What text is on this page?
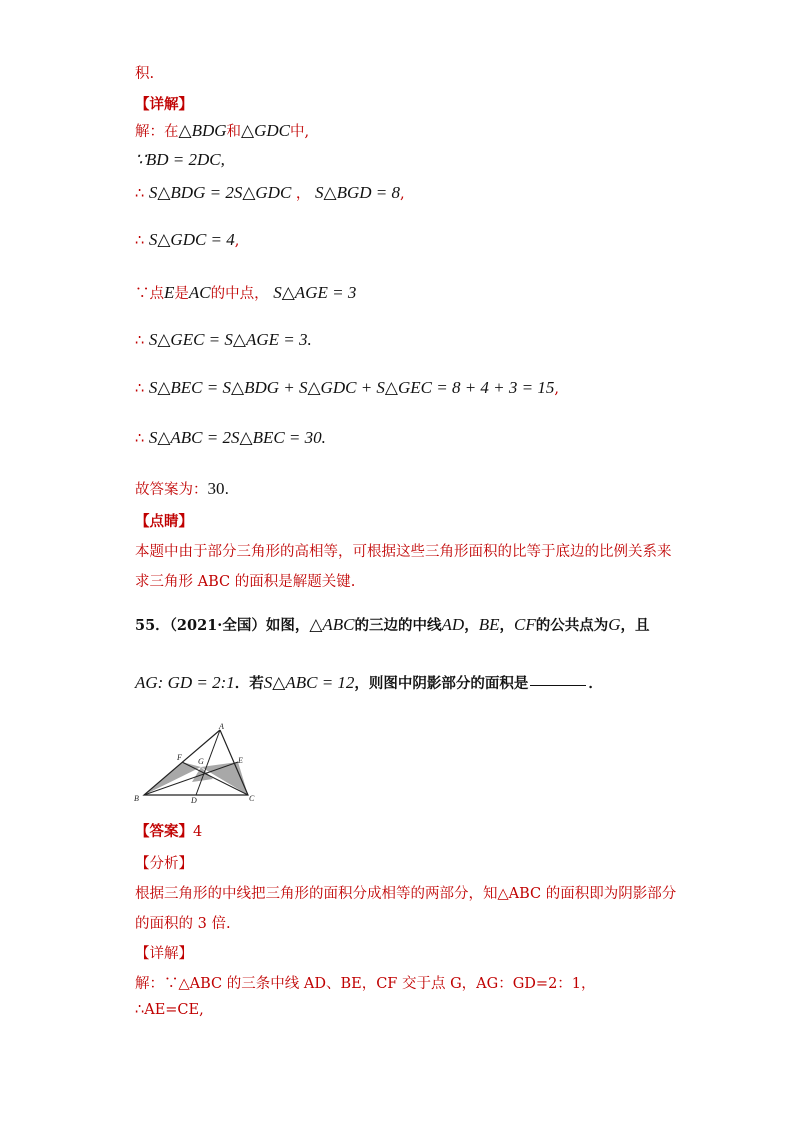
积.
【详解】
解：在△BDG和△GDC中,
∵BD = 2DC,
∴ S△BDG = 2S△GDC ， S△BGD = 8,
∴ S△GDC = 4,
∵点E是AC的中点， S△AGE = 3
∴ S△GEC = S△AGE = 3.
∴ S△BEC = S△BDG + S△GDC + S△GEC = 8 + 4 + 3 = 15,
∴ S△ABC = 2S△BEC = 30.
故答案为：30.
【点睛】
本题中由于部分三角形的高相等，可根据这些三角形面积的比等于底边的比例关系来
求三角形 ABC 的面积是解题关键.
55．（2021·全国）如图，△ABC的三边的中线AD，BE，CF的公共点为G，且
AG: GD = 2:1．若S△ABC = 12，则图中阴影部分的面积是	．
A
B	C
D
E
F G
【答案】4
【分析】
根据三角形的中线把三角形的面积分成相等的两部分，知△ABC 的面积即为阴影部分
的面积的 3 倍.
【详解】
解：∵△ABC 的三条中线 AD、BE，CF 交于点 G，AG：GD=2：1，
∴AE=CE,
